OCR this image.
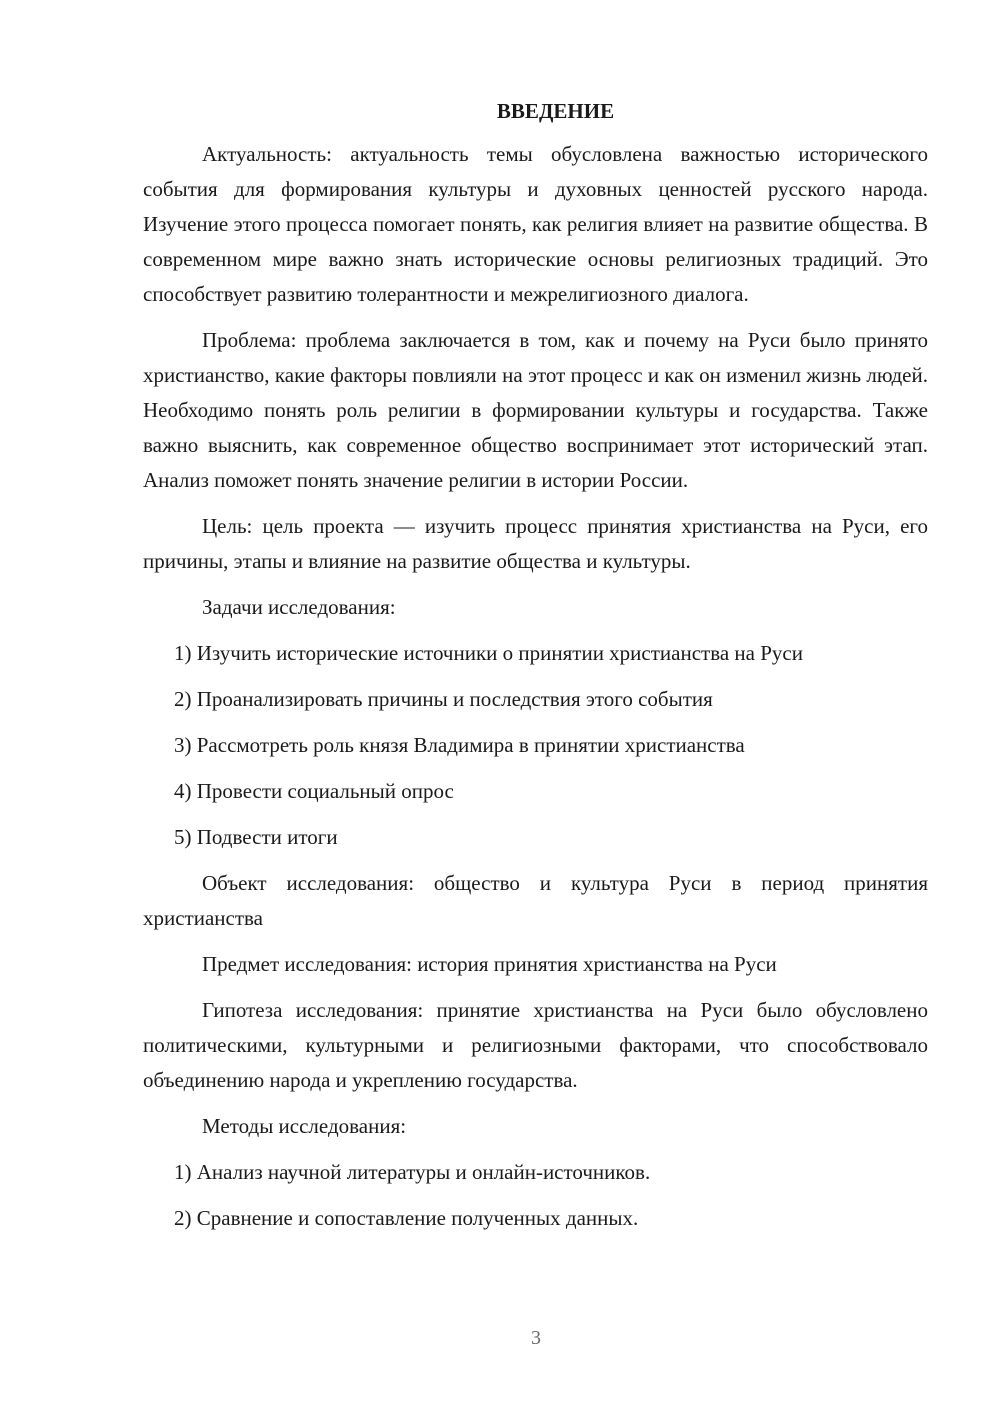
ВВЕДЕНИЕ

Актуальность: актуальность темы обусловлена важностью исторического события для формирования культуры и духовных ценностей русского народа. Изучение этого процесса помогает понять, как религия влияет на развитие общества. В современном мире важно знать исторические основы религиозных традиций. Это способствует развитию толерантности и межрелигиозного диалога.

Проблема: проблема заключается в том, как и почему на Руси было принято христианство, какие факторы повлияли на этот процесс и как он изменил жизнь людей. Необходимо понять роль религии в формировании культуры и государства. Также важно выяснить, как современное общество воспринимает этот исторический этап. Анализ поможет понять значение религии в истории России.

Цель: цель проекта — изучить процесс принятия христианства на Руси, его причины, этапы и влияние на развитие общества и культуры.

Задачи исследования:

1) Изучить исторические источники о принятии христианства на Руси

2) Проанализировать причины и последствия этого события

3) Рассмотреть роль князя Владимира в принятии христианства

4) Провести социальный опрос

5) Подвести итоги

Объект исследования: общество и культура Руси в период принятия христианства

Предмет исследования: история принятия христианства на Руси

Гипотеза исследования: принятие христианства на Руси было обусловлено политическими, культурными и религиозными факторами, что способствовало объединению народа и укреплению государства.

Методы исследования:

1) Анализ научной литературы и онлайн-источников.

2) Сравнение и сопоставление полученных данных.

3
